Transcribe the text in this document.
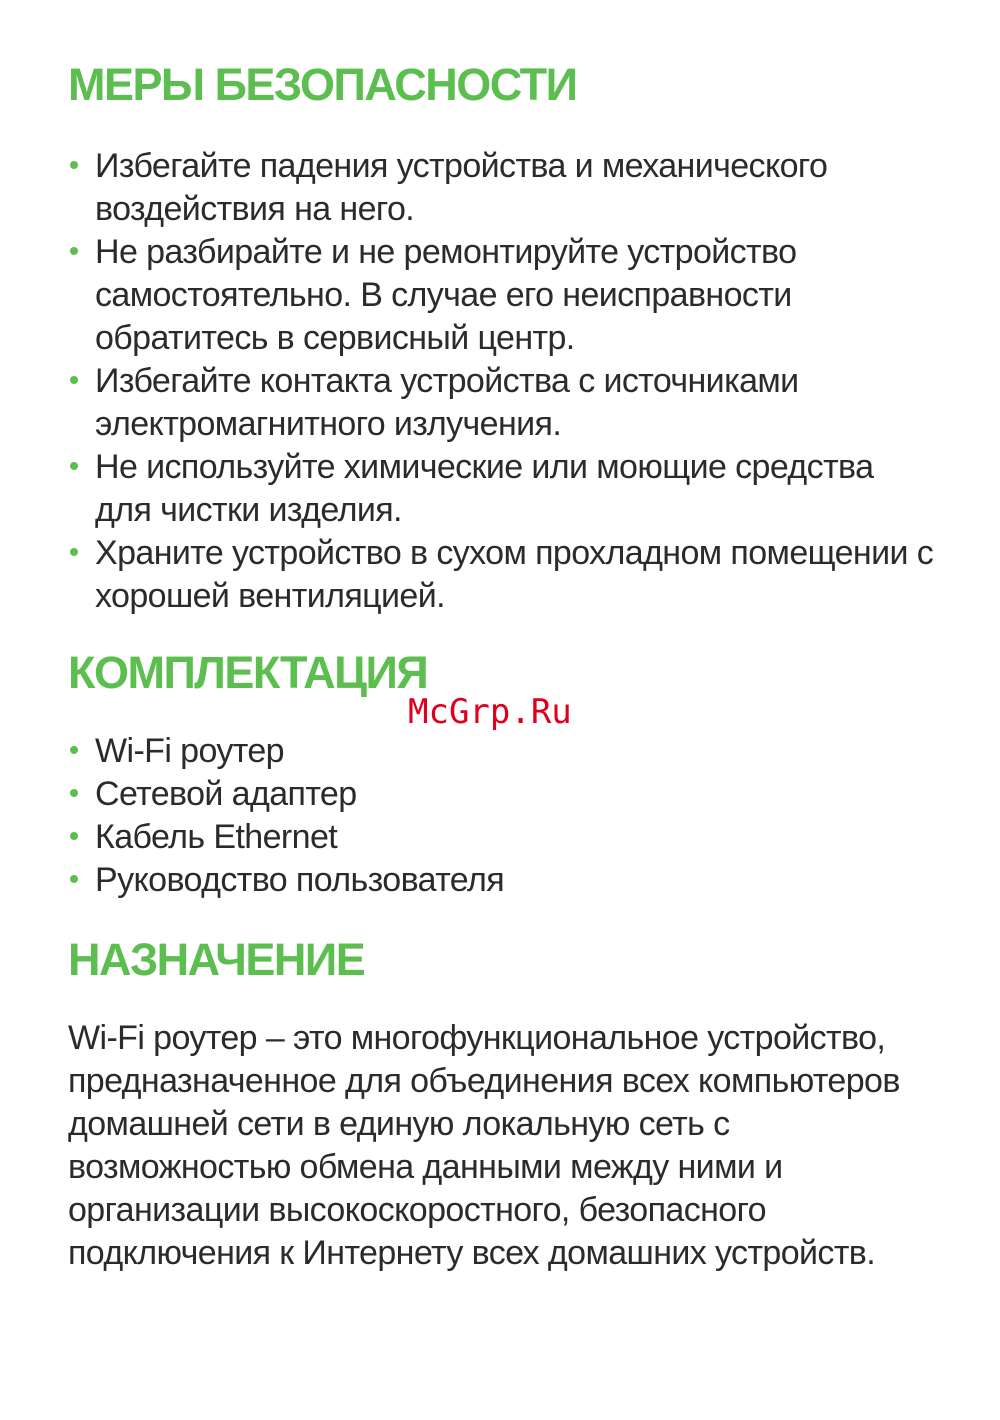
МЕРЫ БЕЗОПАСНОСТИ
Избегайте падения устройства и механического воздействия на него.
Не разбирайте и не ремонтируйте устройство самостоятельно. В случае его неисправности обратитесь в сервисный центр.
Избегайте контакта устройства с источниками электромагнитного излучения.
Не используйте химические или моющие средства для чистки изделия.
Храните устройство в сухом прохладном помещении с хорошей вентиляцией.
КОМПЛЕКТАЦИЯ
Wi-Fi роутер
Сетевой адаптер
Кабель Ethernet
Руководство пользователя
НАЗНАЧЕНИЕ

Wi-Fi роутер – это многофункциональное устройство, предназначенное для объединения всех компьютеров домашней сети в единую локальную сеть с возможностью обмена данными между ними и организации высокоскоростного, безопасного подключения к Интернету всех домашних устройств.

McGrp.Ru
